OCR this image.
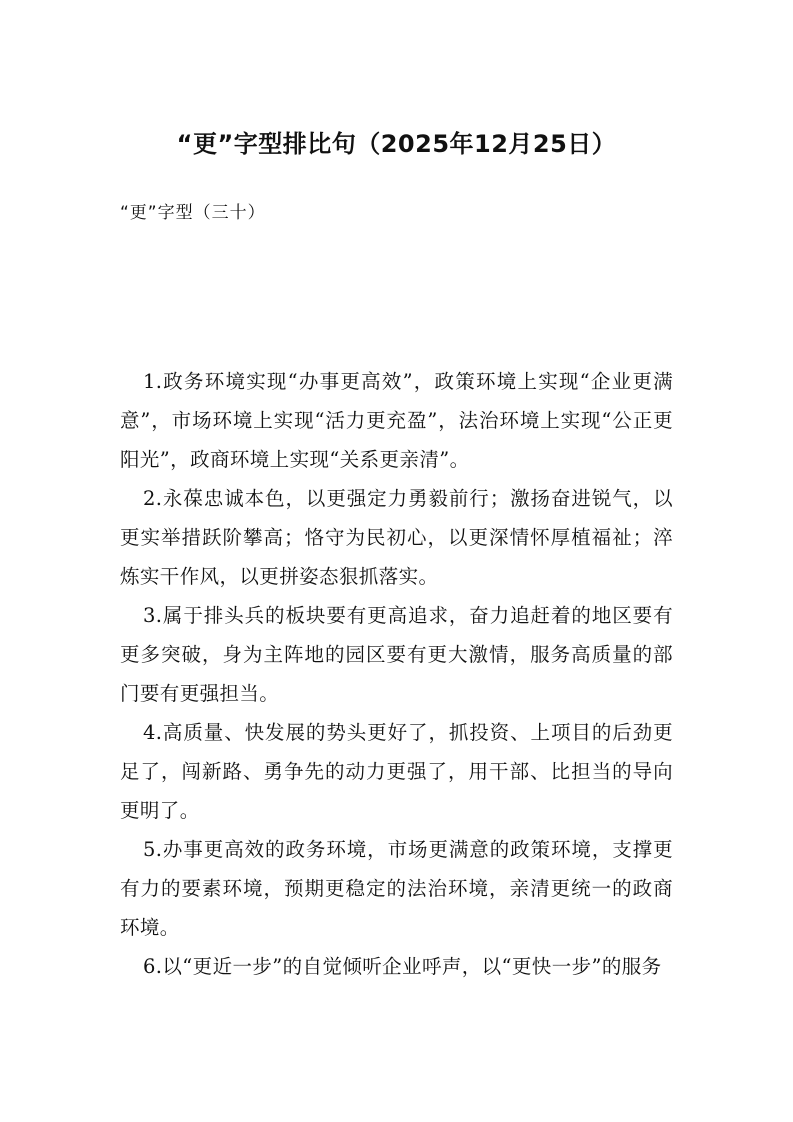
“更”字型排比句（2025年12月25日）
“更”字型（三十）

1.政务环境实现“办事更高效”，政策环境上实现“企业更满意”，市场环境上实现“活力更充盈”，法治环境上实现“公正更阳光”，政商环境上实现“关系更亲清”。

2.永葆忠诚本色，以更强定力勇毅前行；激扬奋进锐气，以更实举措跃阶攀高；恪守为民初心，以更深情怀厚植福祉；淬炼实干作风，以更拼姿态狠抓落实。

3.属于排头兵的板块要有更高追求，奋力追赶着的地区要有更多突破，身为主阵地的园区要有更大激情，服务高质量的部门要有更强担当。

4.高质量、快发展的势头更好了，抓投资、上项目的后劲更足了，闯新路、勇争先的动力更强了，用干部、比担当的导向更明了。

5.办事更高效的政务环境，市场更满意的政策环境，支撑更有力的要素环境，预期更稳定的法治环境，亲清更统一的政商环境。

6.以“更近一步”的自觉倾听企业呼声，以“更快一步”的服务
